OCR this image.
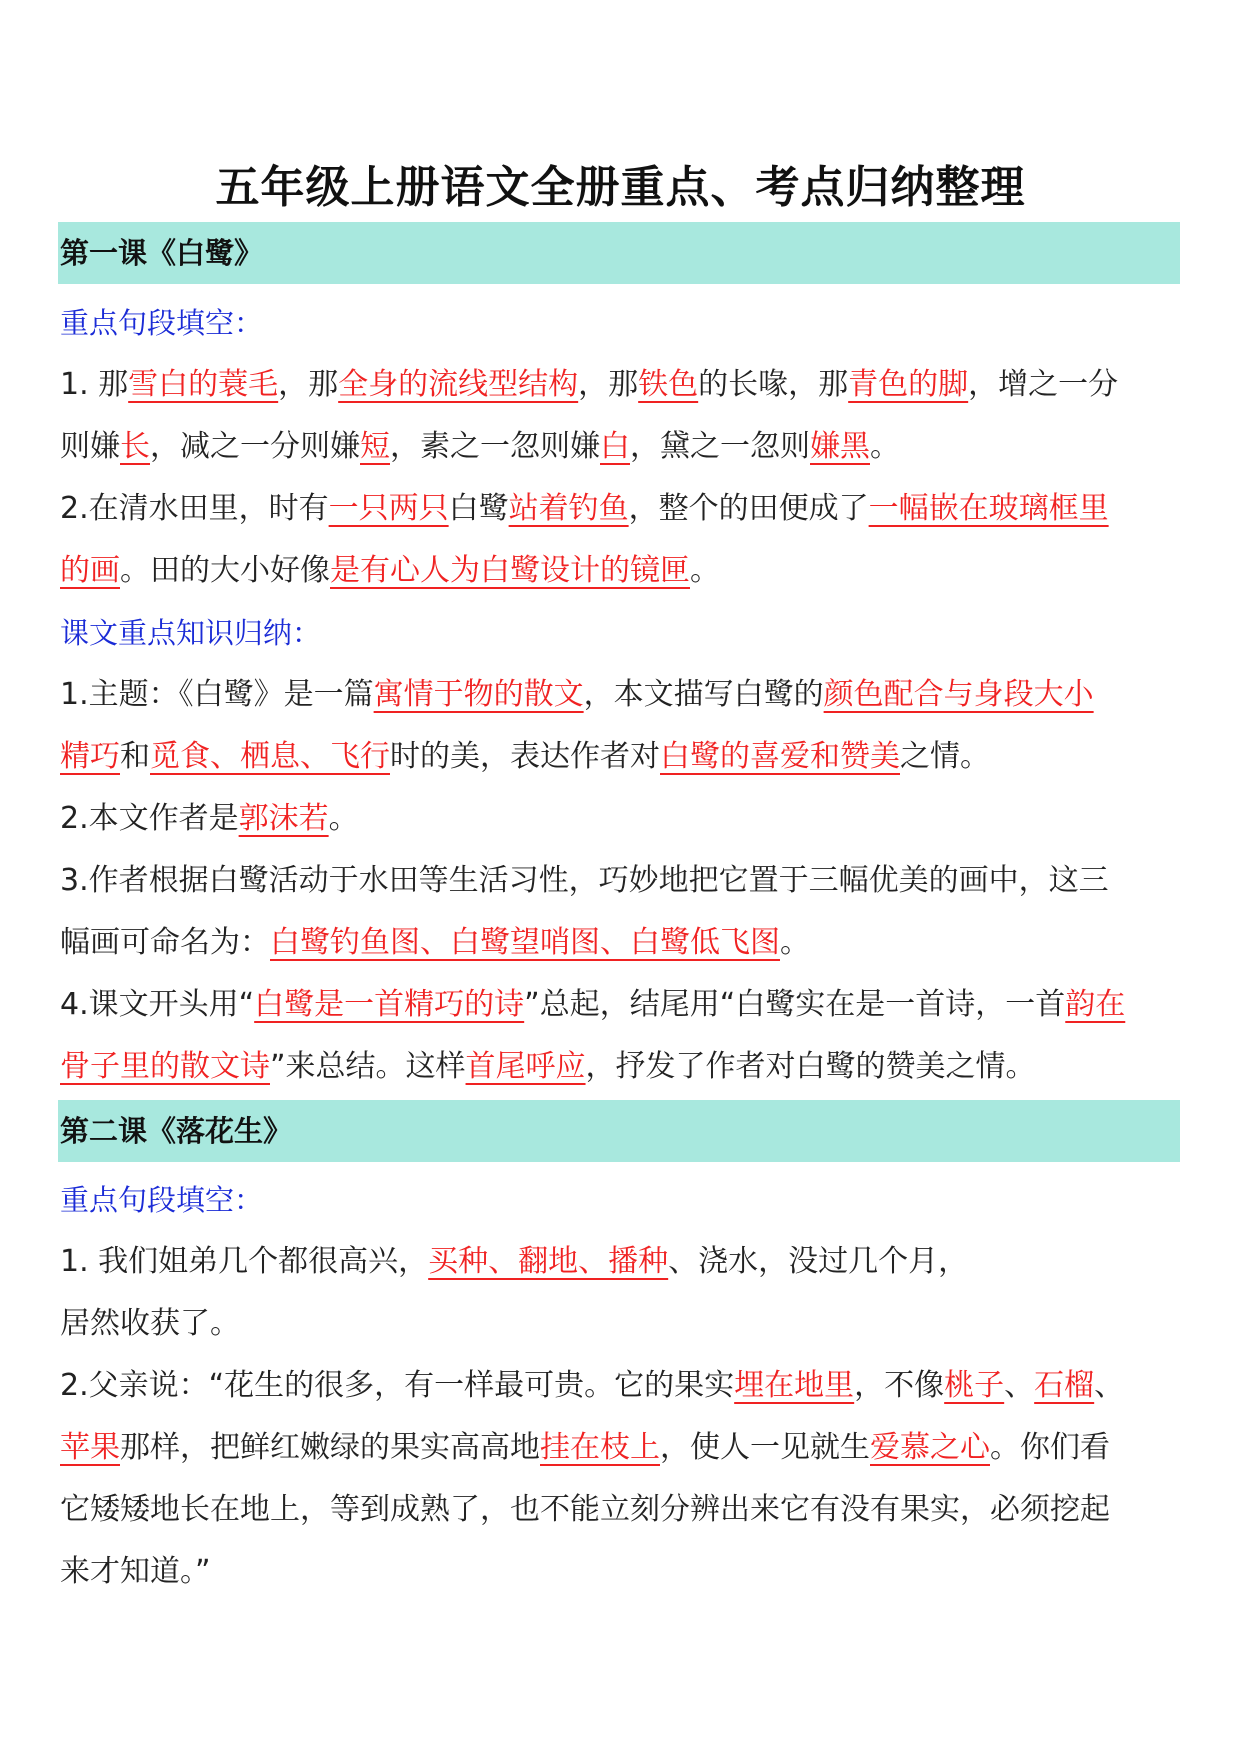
五年级上册语文全册重点、考点归纳整理
第一课《白鹭》
重点句段填空：
1. 那雪白的蓑毛，那全身的流线型结构，那铁色的长喙，那青色的脚，增之一分
则嫌长，减之一分则嫌短，素之一忽则嫌白，黛之一忽则嫌黑。
2.在清水田里，时有一只两只白鹭站着钓鱼，整个的田便成了一幅嵌在玻璃框里
的画。田的大小好像是有心人为白鹭设计的镜匣。
课文重点知识归纳：
1.主题：《白鹭》是一篇寓情于物的散文，本文描写白鹭的颜色配合与身段大小
精巧和觅食、栖息、飞行时的美，表达作者对白鹭的喜爱和赞美之情。
2.本文作者是郭沫若。
3.作者根据白鹭活动于水田等生活习性，巧妙地把它置于三幅优美的画中，这三
幅画可命名为：白鹭钓鱼图、白鹭望哨图、白鹭低飞图。
4.课文开头用“白鹭是一首精巧的诗”总起，结尾用“白鹭实在是一首诗，一首韵在
骨子里的散文诗”来总结。这样首尾呼应，抒发了作者对白鹭的赞美之情。
第二课《落花生》
重点句段填空：
1. 我们姐弟几个都很高兴，买种、翻地、播种、浇水，没过几个月，
居然收获了。
2.父亲说：“花生的很多，有一样最可贵。它的果实埋在地里，不像桃子、石榴、
苹果那样，把鲜红嫩绿的果实高高地挂在枝上，使人一见就生爱慕之心。你们看
它矮矮地长在地上，等到成熟了，也不能立刻分辨出来它有没有果实，必须挖起
来才知道。”
